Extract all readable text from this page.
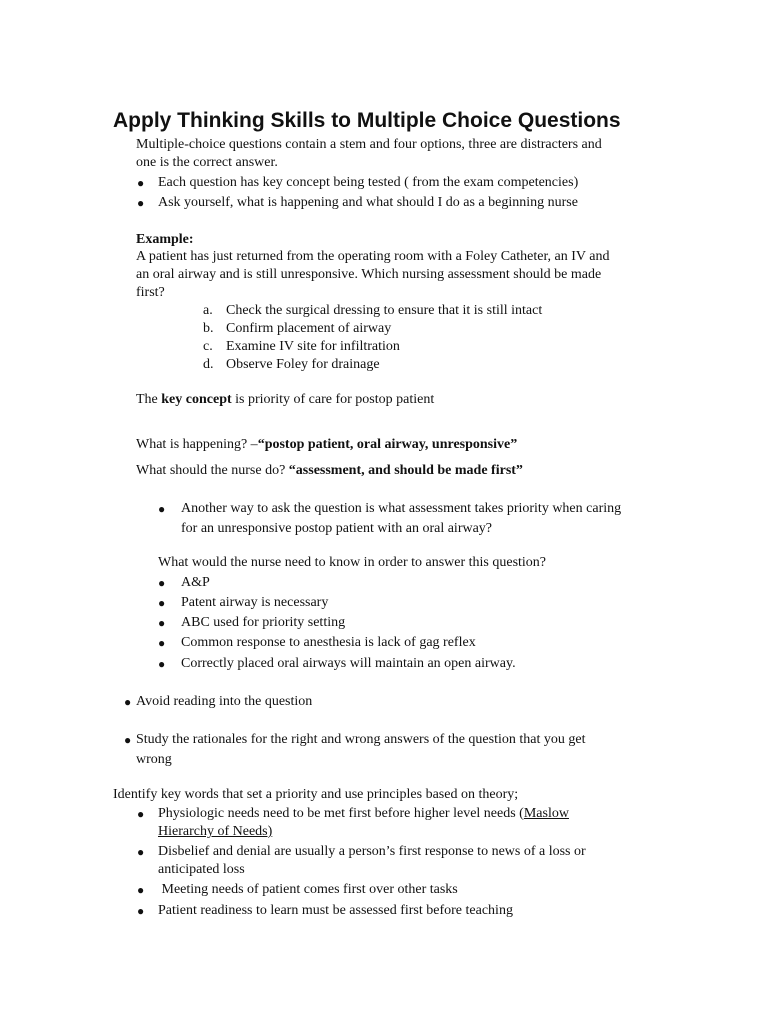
Apply Thinking Skills to Multiple Choice Questions
Multiple-choice questions contain a stem and four options, three are distracters and
one is the correct answer.
● Each question has key concept being tested ( from the exam competencies)
● Ask yourself, what is happening and what should I do as a beginning nurse
Example:
A patient has just returned from the operating room with a Foley Catheter, an IV and
an oral airway and is still unresponsive. Which nursing assessment should be made
first?
a. Check the surgical dressing to ensure that it is still intact
b. Confirm placement of airway
c. Examine IV site for infiltration
d. Observe Foley for drainage
The key concept is priority of care for postop patient
What is happening? –“postop patient, oral airway, unresponsive”
What should the nurse do? “assessment, and should be made first”
● Another way to ask the question is what assessment takes priority when caring
for an unresponsive postop patient with an oral airway?
What would the nurse need to know in order to answer this question?
● A&P
● Patent airway is necessary
● ABC used for priority setting
● Common response to anesthesia is lack of gag reflex
● Correctly placed oral airways will maintain an open airway.
● Avoid reading into the question
● Study the rationales for the right and wrong answers of the question that you get
wrong
Identify key words that set a priority and use principles based on theory;
● Physiologic needs need to be met first before higher level needs (Maslow
Hierarchy of Needs)
● Disbelief and denial are usually a person’s first response to news of a loss or
anticipated loss
● Meeting needs of patient comes first over other tasks
● Patient readiness to learn must be assessed first before teaching
